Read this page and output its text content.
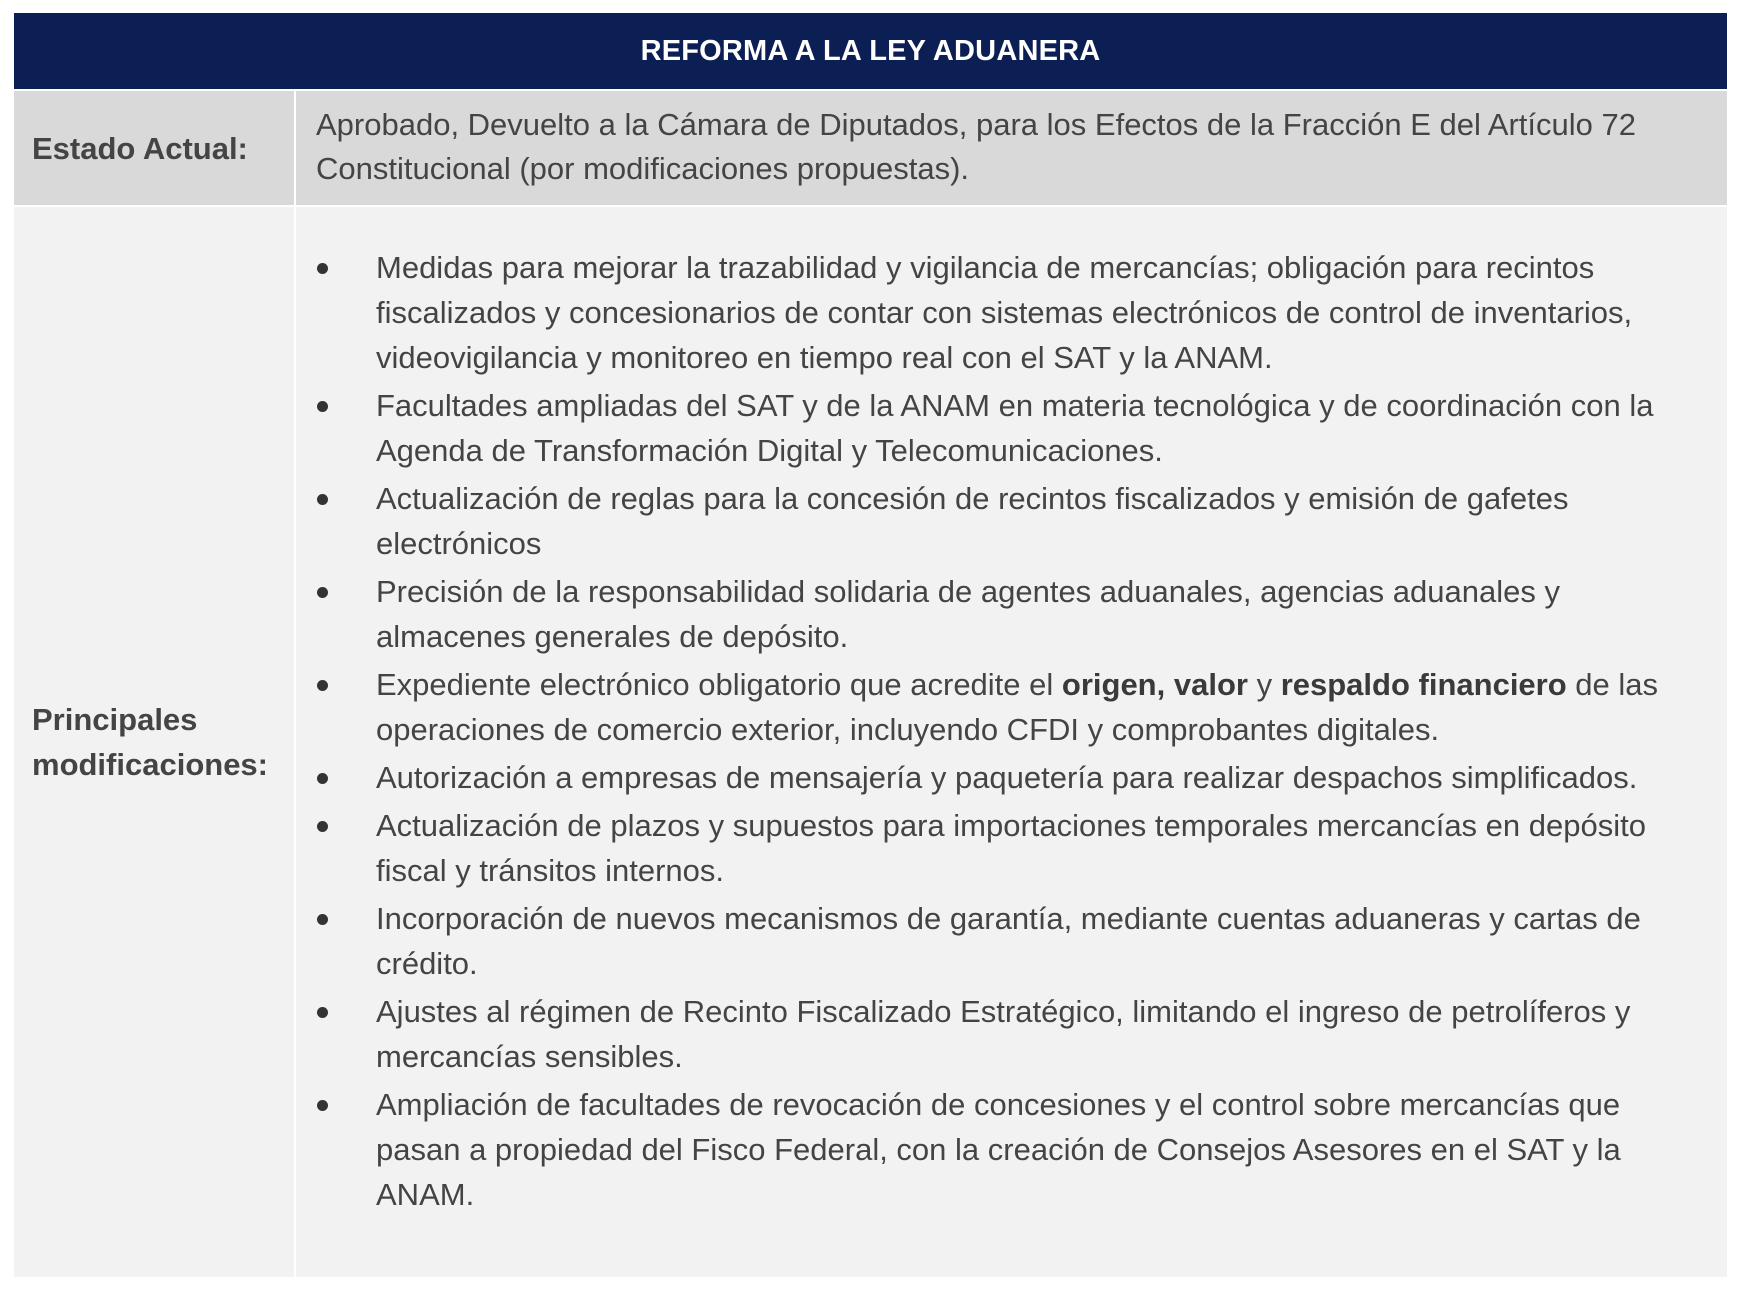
REFORMA A LA LEY ADUANERA
Estado Actual:
Aprobado, Devuelto a la Cámara de Diputados, para los Efectos de la Fracción E del Artículo 72 Constitucional (por modificaciones propuestas).
Principales modificaciones:
Medidas para mejorar la trazabilidad y vigilancia de mercancías; obligación para recintos fiscalizados y concesionarios de contar con sistemas electrónicos de control de inventarios, videovigilancia y monitoreo en tiempo real con el SAT y la ANAM.
Facultades ampliadas del SAT y de la ANAM en materia tecnológica y de coordinación con la Agenda de Transformación Digital y Telecomunicaciones.
Actualización de reglas para la concesión de recintos fiscalizados y emisión de gafetes electrónicos
Precisión de la responsabilidad solidaria de agentes aduanales, agencias aduanales y almacenes generales de depósito.
Expediente electrónico obligatorio que acredite el origen, valor y respaldo financiero de las operaciones de comercio exterior, incluyendo CFDI y comprobantes digitales.
Autorización a empresas de mensajería y paquetería para realizar despachos simplificados.
Actualización de plazos y supuestos para importaciones temporales mercancías en depósito fiscal y tránsitos internos.
Incorporación de nuevos mecanismos de garantía, mediante cuentas aduaneras y cartas de crédito.
Ajustes al régimen de Recinto Fiscalizado Estratégico, limitando el ingreso de petrolíferos y mercancías sensibles.
Ampliación de facultades de revocación de concesiones y el control sobre mercancías que pasan a propiedad del Fisco Federal, con la creación de Consejos Asesores en el SAT y la ANAM.
